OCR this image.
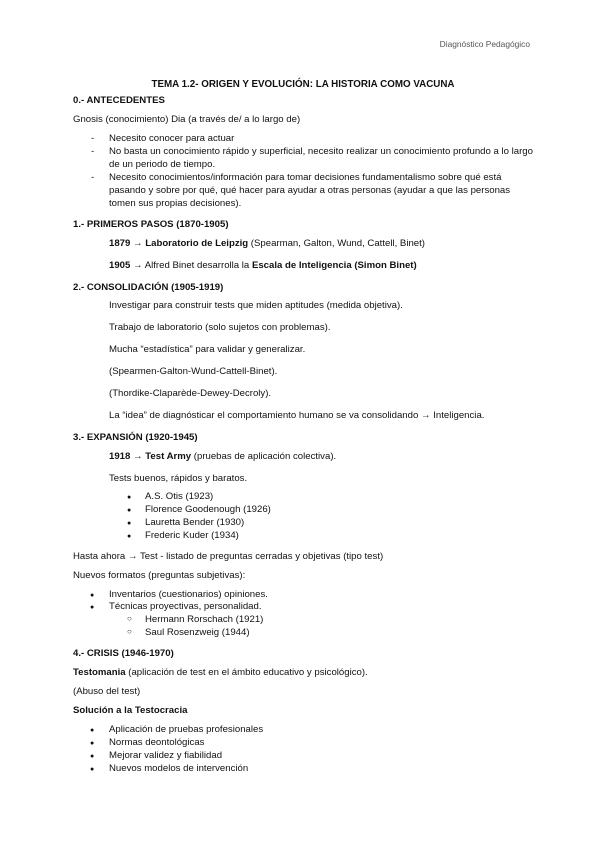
Diagnóstico Pedagógico
TEMA 1.2- ORIGEN Y EVOLUCIÓN: LA HISTORIA COMO VACUNA
0.- ANTECEDENTES

Gnosis (conocimiento) Dia (a través de/ a lo largo de)

- Necesito conocer para actuar
- No basta un conocimiento rápido y superficial, necesito realizar un conocimiento profundo a lo largo de un periodo de tiempo.
- Necesito conocimientos/información para tomar decisiones fundamentalismo sobre qué está pasando y sobre por qué, qué hacer para ayudar a otras personas (ayudar a que las personas tomen sus propias decisiones).
1.- PRIMEROS PASOS (1870-1905)

1879 → Laboratorio de Leipzig (Spearman, Galton, Wund, Cattell, Binet)

1905 → Alfred Binet desarrolla la Escala de Inteligencia (Simon Binet)

2.- CONSOLIDACIÓN (1905-1919)

Investigar para construir tests que miden aptitudes (medida objetiva).

Trabajo de laboratorio (solo sujetos con problemas).

Mucha “estadística” para validar y generalizar.

(Spearmen-Galton-Wund-Cattell-Binet).

(Thordike-Claparède-Dewey-Decroly).

La “idea” de diagnósticar el comportamiento humano se va consolidando → Inteligencia.

3.- EXPANSIÓN (1920-1945)

1918 → Test Army (pruebas de aplicación colectiva).

Tests buenos, rápidos y baratos.

● A.S. Otis (1923)
● Florence Goodenough (1926)
● Lauretta Bender (1930)
● Frederic Kuder (1934)

Hasta ahora → Test - listado de preguntas cerradas y objetivas (tipo test)

Nuevos formatos (preguntas subjetivas):

● Inventarios (cuestionarios) opiniones.
● Técnicas proyectivas, personalidad.
○ Hermann Rorschach (1921)
○ Saul Rosenzweig (1944)
4.- CRISIS (1946-1970)

Testomania (aplicación de test en el ámbito educativo y psicológico).

(Abuso del test)

Solución a la Testocracia

● Aplicación de pruebas profesionales
● Normas deontológicas
● Mejorar validez y fiabilidad
● Nuevos modelos de intervención
